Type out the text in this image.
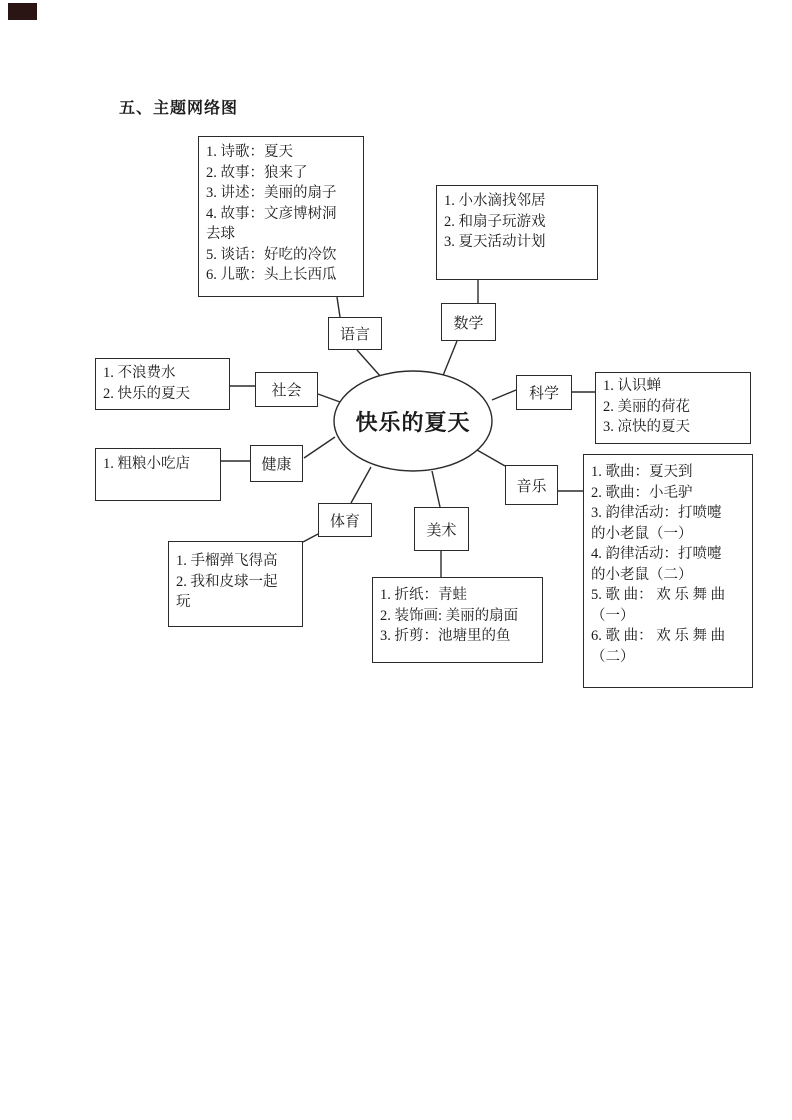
五、主题网络图
快乐的夏天
1. 诗歌：夏天
2. 故事：狼来了
3. 讲述：美丽的扇子
4. 故事：文彦博树洞
去球
5. 谈话：好吃的冷饮
6. 儿歌：头上长西瓜
1. 小水滴找邻居
2. 和扇子玩游戏
3. 夏天活动计划
1. 不浪费水
2. 快乐的夏天	1. 认识蝉
2. 美丽的荷花
3. 凉快的夏天
1. 粗粮小吃店	1. 歌曲：夏天到
2. 歌曲：小毛驴
3. 韵律活动：打喷嚏
的小老鼠（一）
4. 韵律活动：打喷嚏
的小老鼠（二）
5. 歌 曲： 欢 乐 舞 曲
（一）
6. 歌 曲： 欢 乐 舞 曲
（二）
1. 手榴弹飞得高
2. 我和皮球一起
玩	1. 折纸：青蛙
2. 装饰画: 美丽的扇面
3. 折剪：池塘里的鱼
语言
数学
社会	科学
健康
音乐
体育
美术
